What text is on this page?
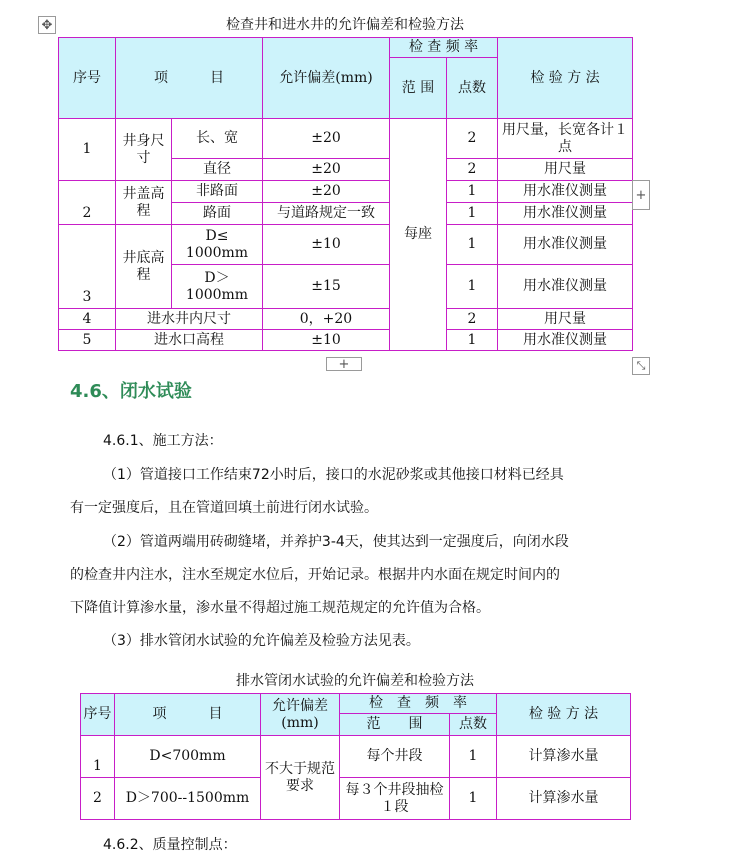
✥	检查井和进水井的允许偏差和检验方法
序号	项　　　目		允许偏差(mm)	检 查 频 率		检 验 方 法
				范 围	点数	
1	井身尺寸	长、宽	±20	每座	2	用尺量，长宽各计１点
		直径	±20		2	用尺量
2	井盖高程	非路面	±20		1	用水准仪测量
		路面	与道路规定一致		1	用水准仪测量
3	井底高程	D≤ 1000mm	±10		1	用水准仪测量
		D＞ 1000mm	±15		1	用水准仪测量
4	进水井内尺寸		0，+20		2	用尺量
5	进水口高程		±10		1	用水准仪测量
+
+	⤡
4.6、闭水试验
4.6.1、施工方法：
（1）管道接口工作结束72小时后，接口的水泥砂浆或其他接口材料已经具
有一定强度后，且在管道回填土前进行闭水试验。
（2）管道两端用砖砌缝堵，并养护3-4天，使其达到一定强度后，向闭水段
的检查井内注水，注水至规定水位后，开始记录。根据井内水面在规定时间内的
下降值计算渗水量，渗水量不得超过施工规范规定的允许值为合格。
（3）排水管闭水试验的允许偏差及检验方法见表。
排水管闭水试验的允许偏差和检验方法
序号	项　　　目	允许偏差(mm)	检　查　频　率		检 验 方 法
			范　　围	点数	
1	D<700mm	不大于规范要求	每个井段	1	计算渗水量
2	D＞700--1500mm		每３个井段抽检１段	1	计算渗水量
4.6.2、质量控制点：
